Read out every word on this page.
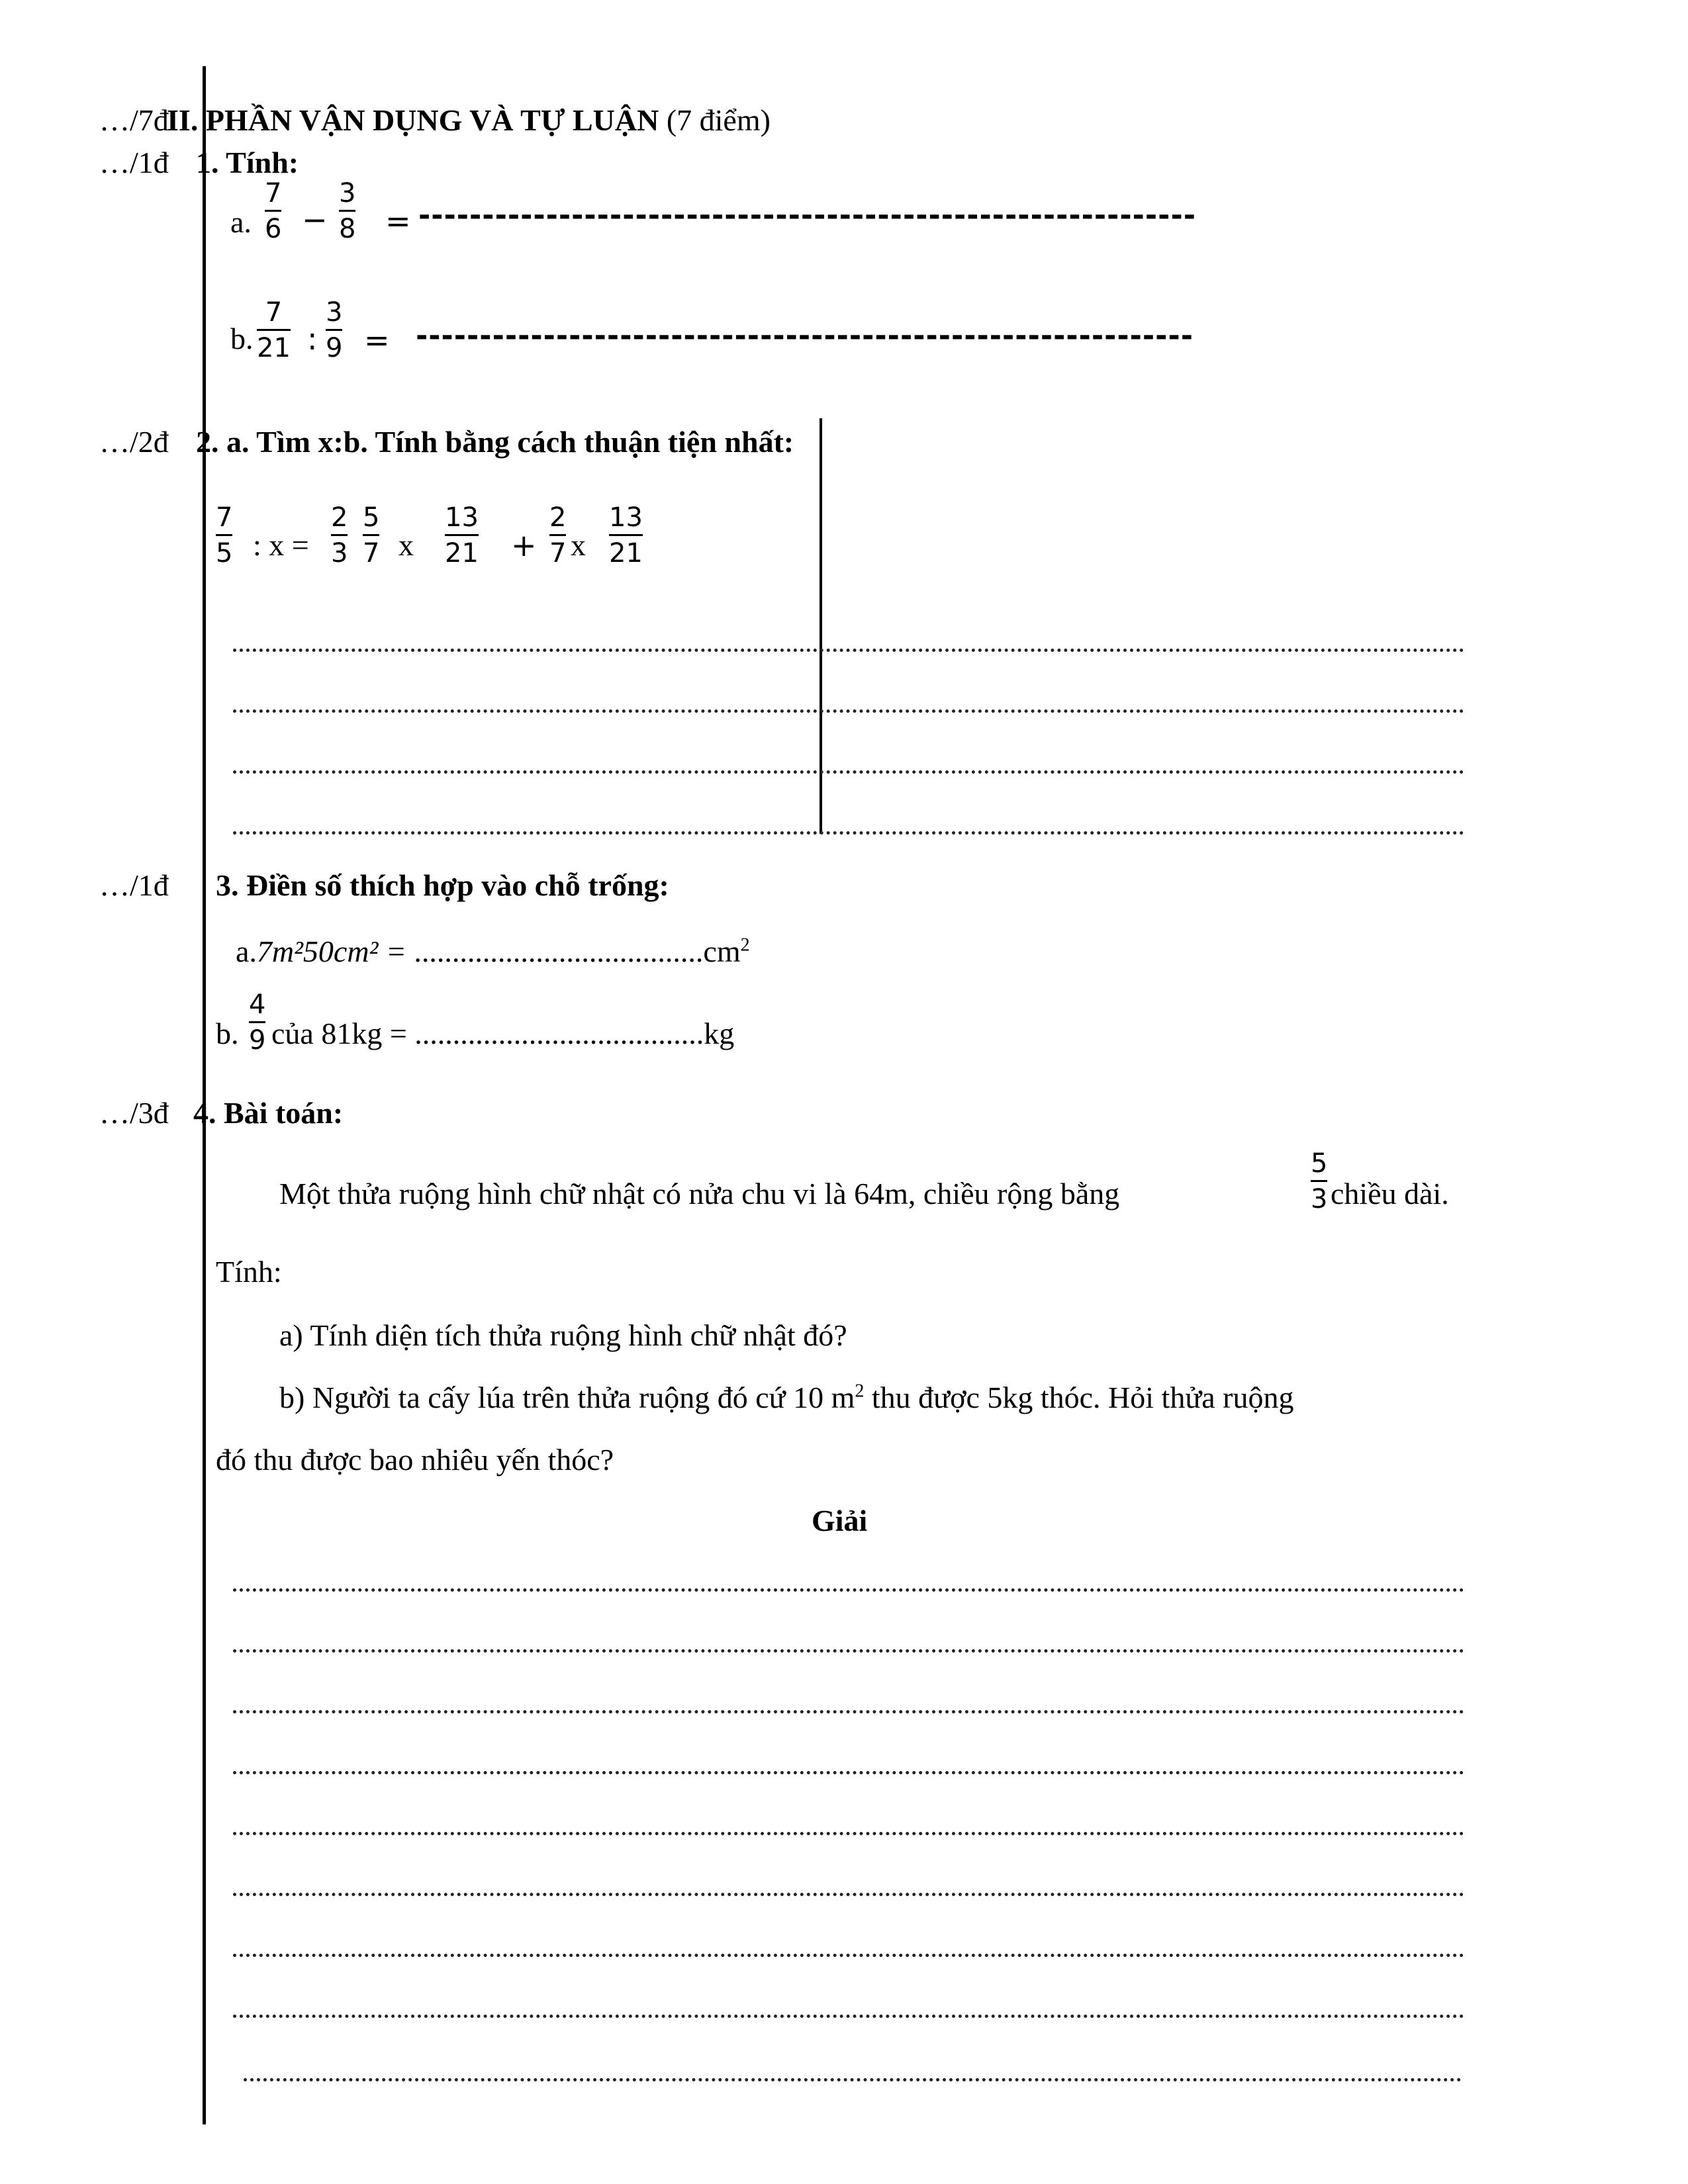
…/7đ
II. PHẦN VẬN DỤNG VÀ TỰ LUẬN (7 điểm)
…/1đ 1. Tính:
a.
7
6 −
3
8 = -------------------------------------------------------------
b.
7
21 :
3
9 = -------------------------------------------------------------
…/2đ 2. a. Tìm x:b. Tính bằng cách thuận tiện nhất:
7
5 : x =
2
3
5
7 x
13
21 +
2
7 x
13
21
…/1đ 3. Điền số thích hợp vào chỗ trống:
$a.7m^250cm^2 = ......................................cm^2$
b.
4
9 của 81kg = ......................................kg
…/3đ 4. Bài toán:
Một thửa ruộng hình chữ nhật có nửa chu vi là 64m, chiều rộng bằng
5
3 chiều dài.
Tính:
a) Tính diện tích thửa ruộng hình chữ nhật đó?
b) Người ta cấy lúa trên thửa ruộng đó cứ 10 $m^2$ thu được 5kg thóc. Hỏi thửa ruộng
đó thu được bao nhiêu yến thóc?
Giải
